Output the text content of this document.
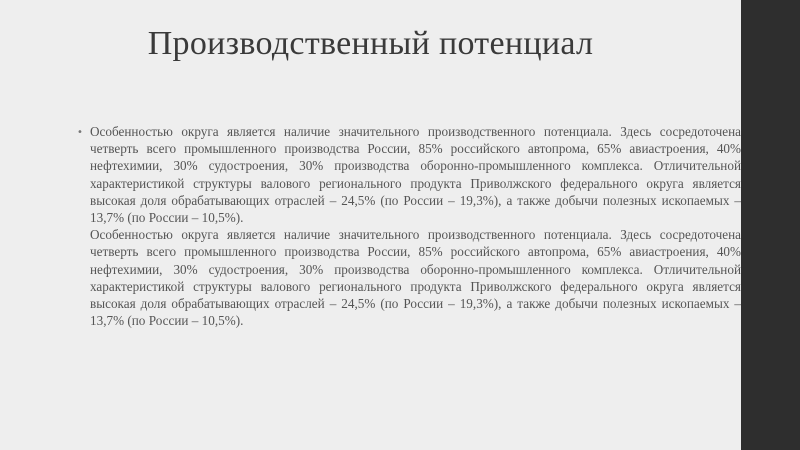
Производственный потенциал
• Особенностью округа является наличие значительного производственного потенциала. Здесь сосредоточена четверть всего промышленного производства России, 85% российского автопрома, 65% авиастроения, 40% нефтехимии, 30% судостроения, 30% производства оборонно-промышленного комплекса. Отличительной характеристикой структуры валового регионального продукта Приволжского федерального округа является высокая доля обрабатывающих отраслей – 24,5% (по России – 19,3%), а также добычи полезных ископаемых – 13,7% (по России – 10,5%).

Особенностью округа является наличие значительного производственного потенциала. Здесь сосредоточена четверть всего промышленного производства России, 85% российского автопрома, 65% авиастроения, 40% нефтехимии, 30% судостроения, 30% производства оборонно-промышленного комплекса. Отличительной характеристикой структуры валового регионального продукта Приволжского федерального округа является высокая доля обрабатывающих отраслей – 24,5% (по России – 19,3%), а также добычи полезных ископаемых – 13,7% (по России – 10,5%).
